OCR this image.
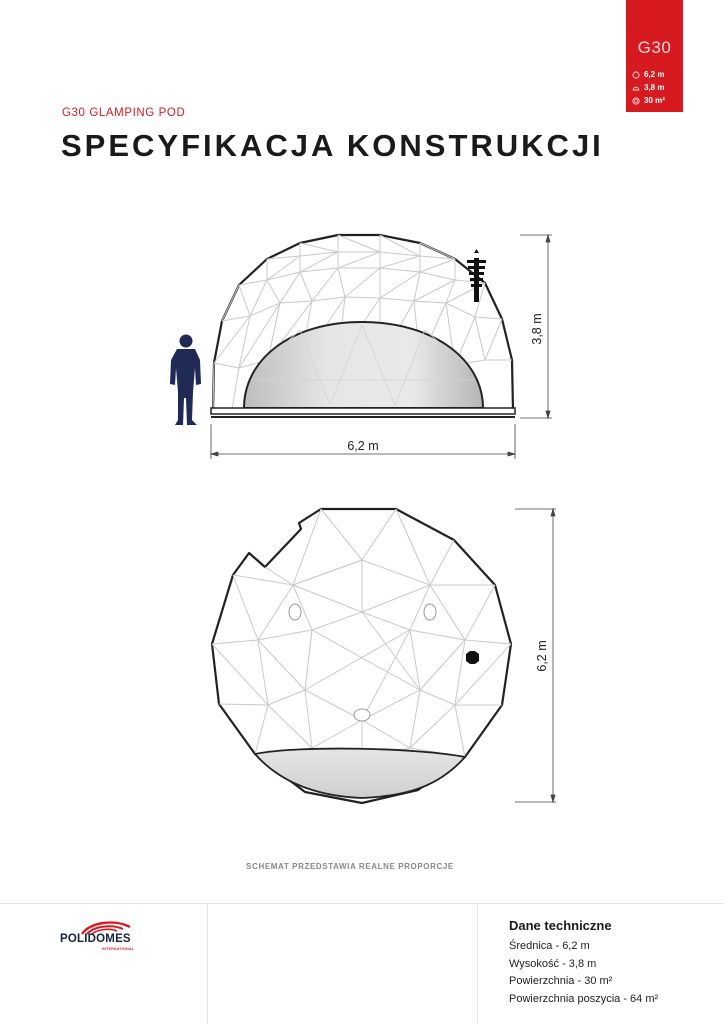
G30
6,2 m
3,8 m
30 m²
G30 GLAMPING POD
SPECYFIKACJA KONSTRUKCJI
6,2 m
3,8 m
6,2 m
SCHEMAT PRZEDSTAWIA REALNE PROPORCJE
POLIDOMES
INTERNATIONAL
Dane techniczne
Średnica - 6,2 m
Wysokość - 3,8 m
Powierzchnia - 30 m²
Powierzchnia poszycia - 64 m²
